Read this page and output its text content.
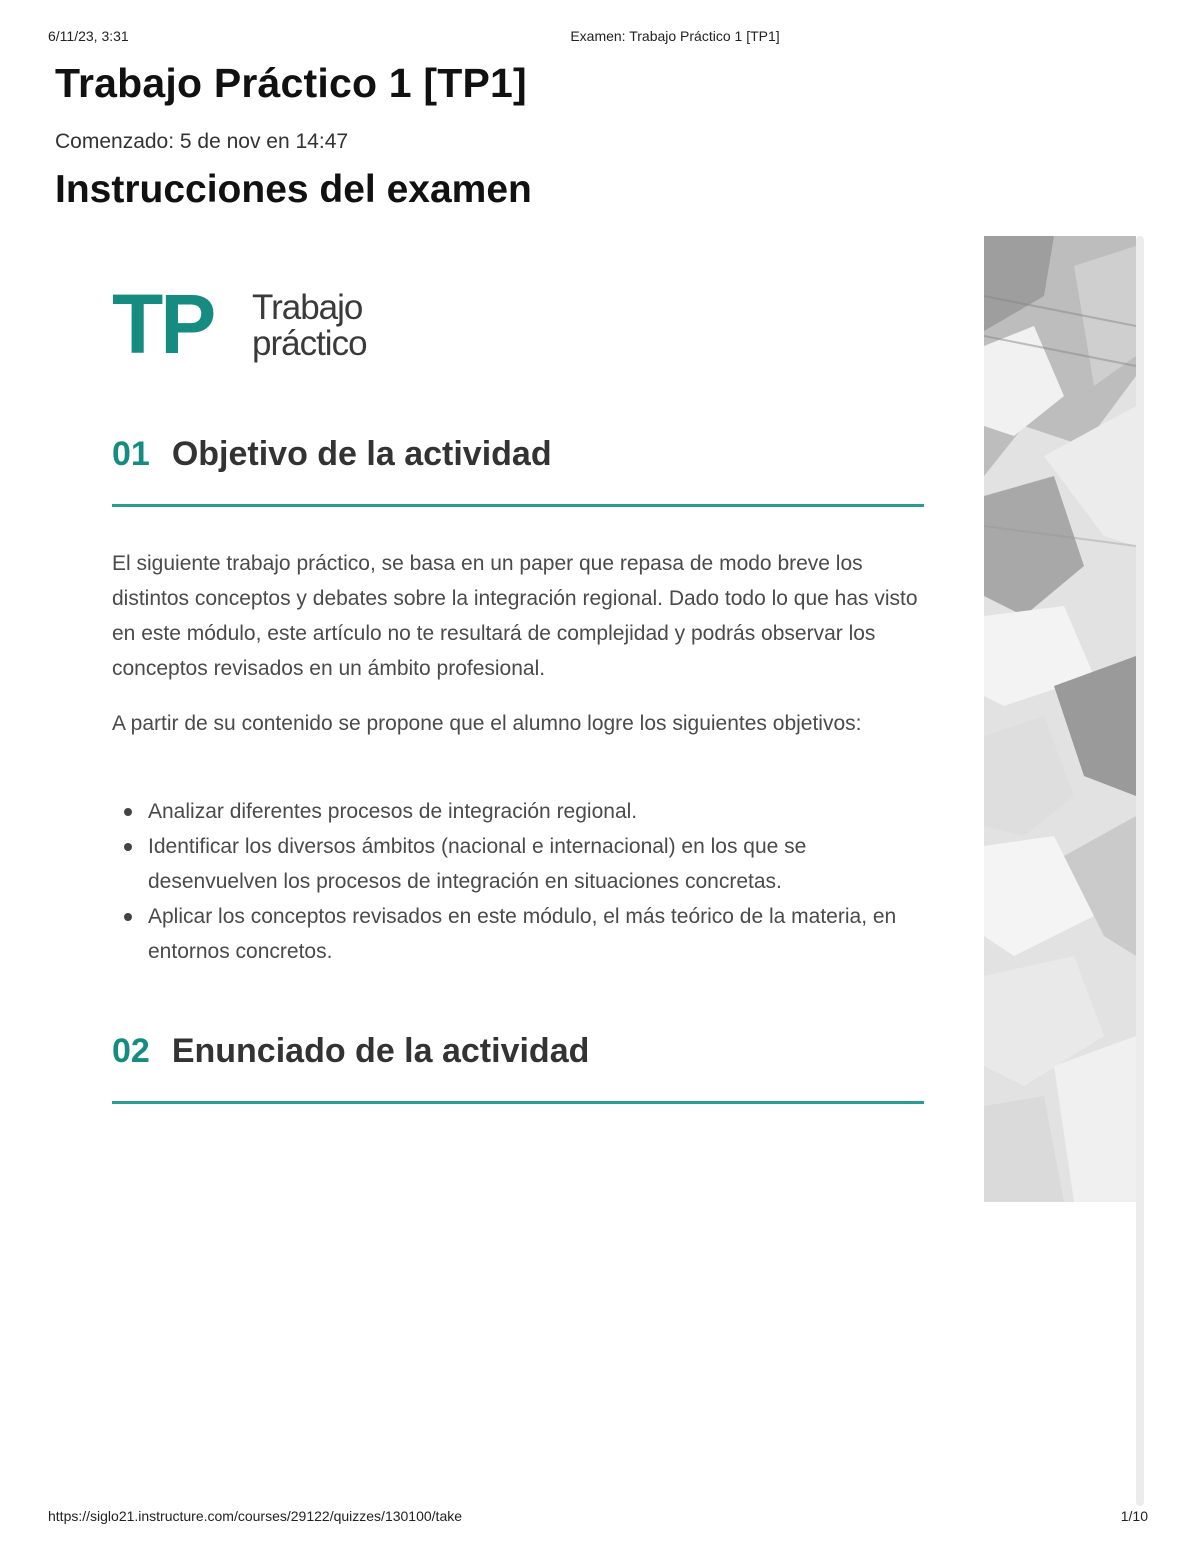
6/11/23, 3:31	Examen: Trabajo Práctico 1 [TP1]
Trabajo Práctico 1 [TP1]
Comenzado: 5 de nov en 14:47
Instrucciones del examen
TP Trabajo
práctico
01 Objetivo de la actividad

El siguiente trabajo práctico, se basa en un paper que repasa de modo breve los distintos conceptos y debates sobre la integración regional. Dado todo lo que has visto en este módulo, este artículo no te resultará de complejidad y podrás observar los conceptos revisados en un ámbito profesional.

A partir de su contenido se propone que el alumno logre los siguientes objetivos:

Analizar diferentes procesos de integración regional.
Identificar los diversos ámbitos (nacional e internacional) en los que se desenvuelven los procesos de integración en situaciones concretas.
Aplicar los conceptos revisados en este módulo, el más teórico de la materia, en entornos concretos.
02 Enunciado de la actividad
https://siglo21.instructure.com/courses/29122/quizzes/130100/take	1/10
